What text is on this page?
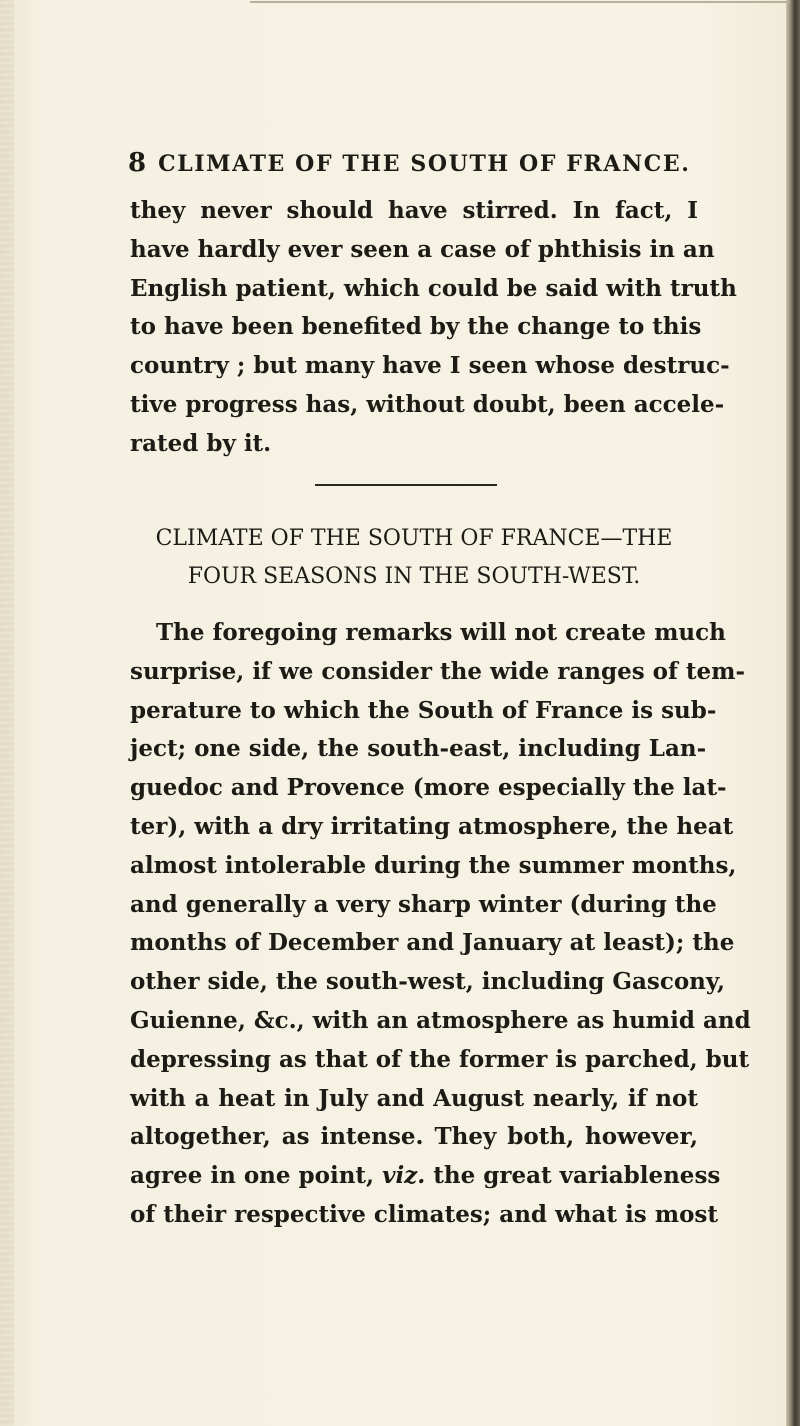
8 CLIMATE OF THE SOUTH OF FRANCE.
they never should have stirred. In fact, I
have hardly ever seen a case of phthisis in an
English patient, which could be said with truth
to have been benefited by the change to this
country ; but many have I seen whose destruc-
tive progress has, without doubt, been accele-
rated by it.
CLIMATE OF THE SOUTH OF FRANCE—THE
FOUR SEASONS IN THE SOUTH-WEST.
The foregoing remarks will not create much
surprise, if we consider the wide ranges of tem-
perature to which the South of France is sub-
ject; one side, the south-east, including Lan-
guedoc and Provence (more especially the lat-
ter), with a dry irritating atmosphere, the heat
almost intolerable during the summer months,
and generally a very sharp winter (during the
months of December and January at least); the
other side, the south-west, including Gascony,
Guienne, &c., with an atmosphere as humid and
depressing as that of the former is parched, but
with a heat in July and August nearly, if not
altogether, as intense. They both, however,
agree in one point, viz. the great variableness
of their respective climates; and what is most
